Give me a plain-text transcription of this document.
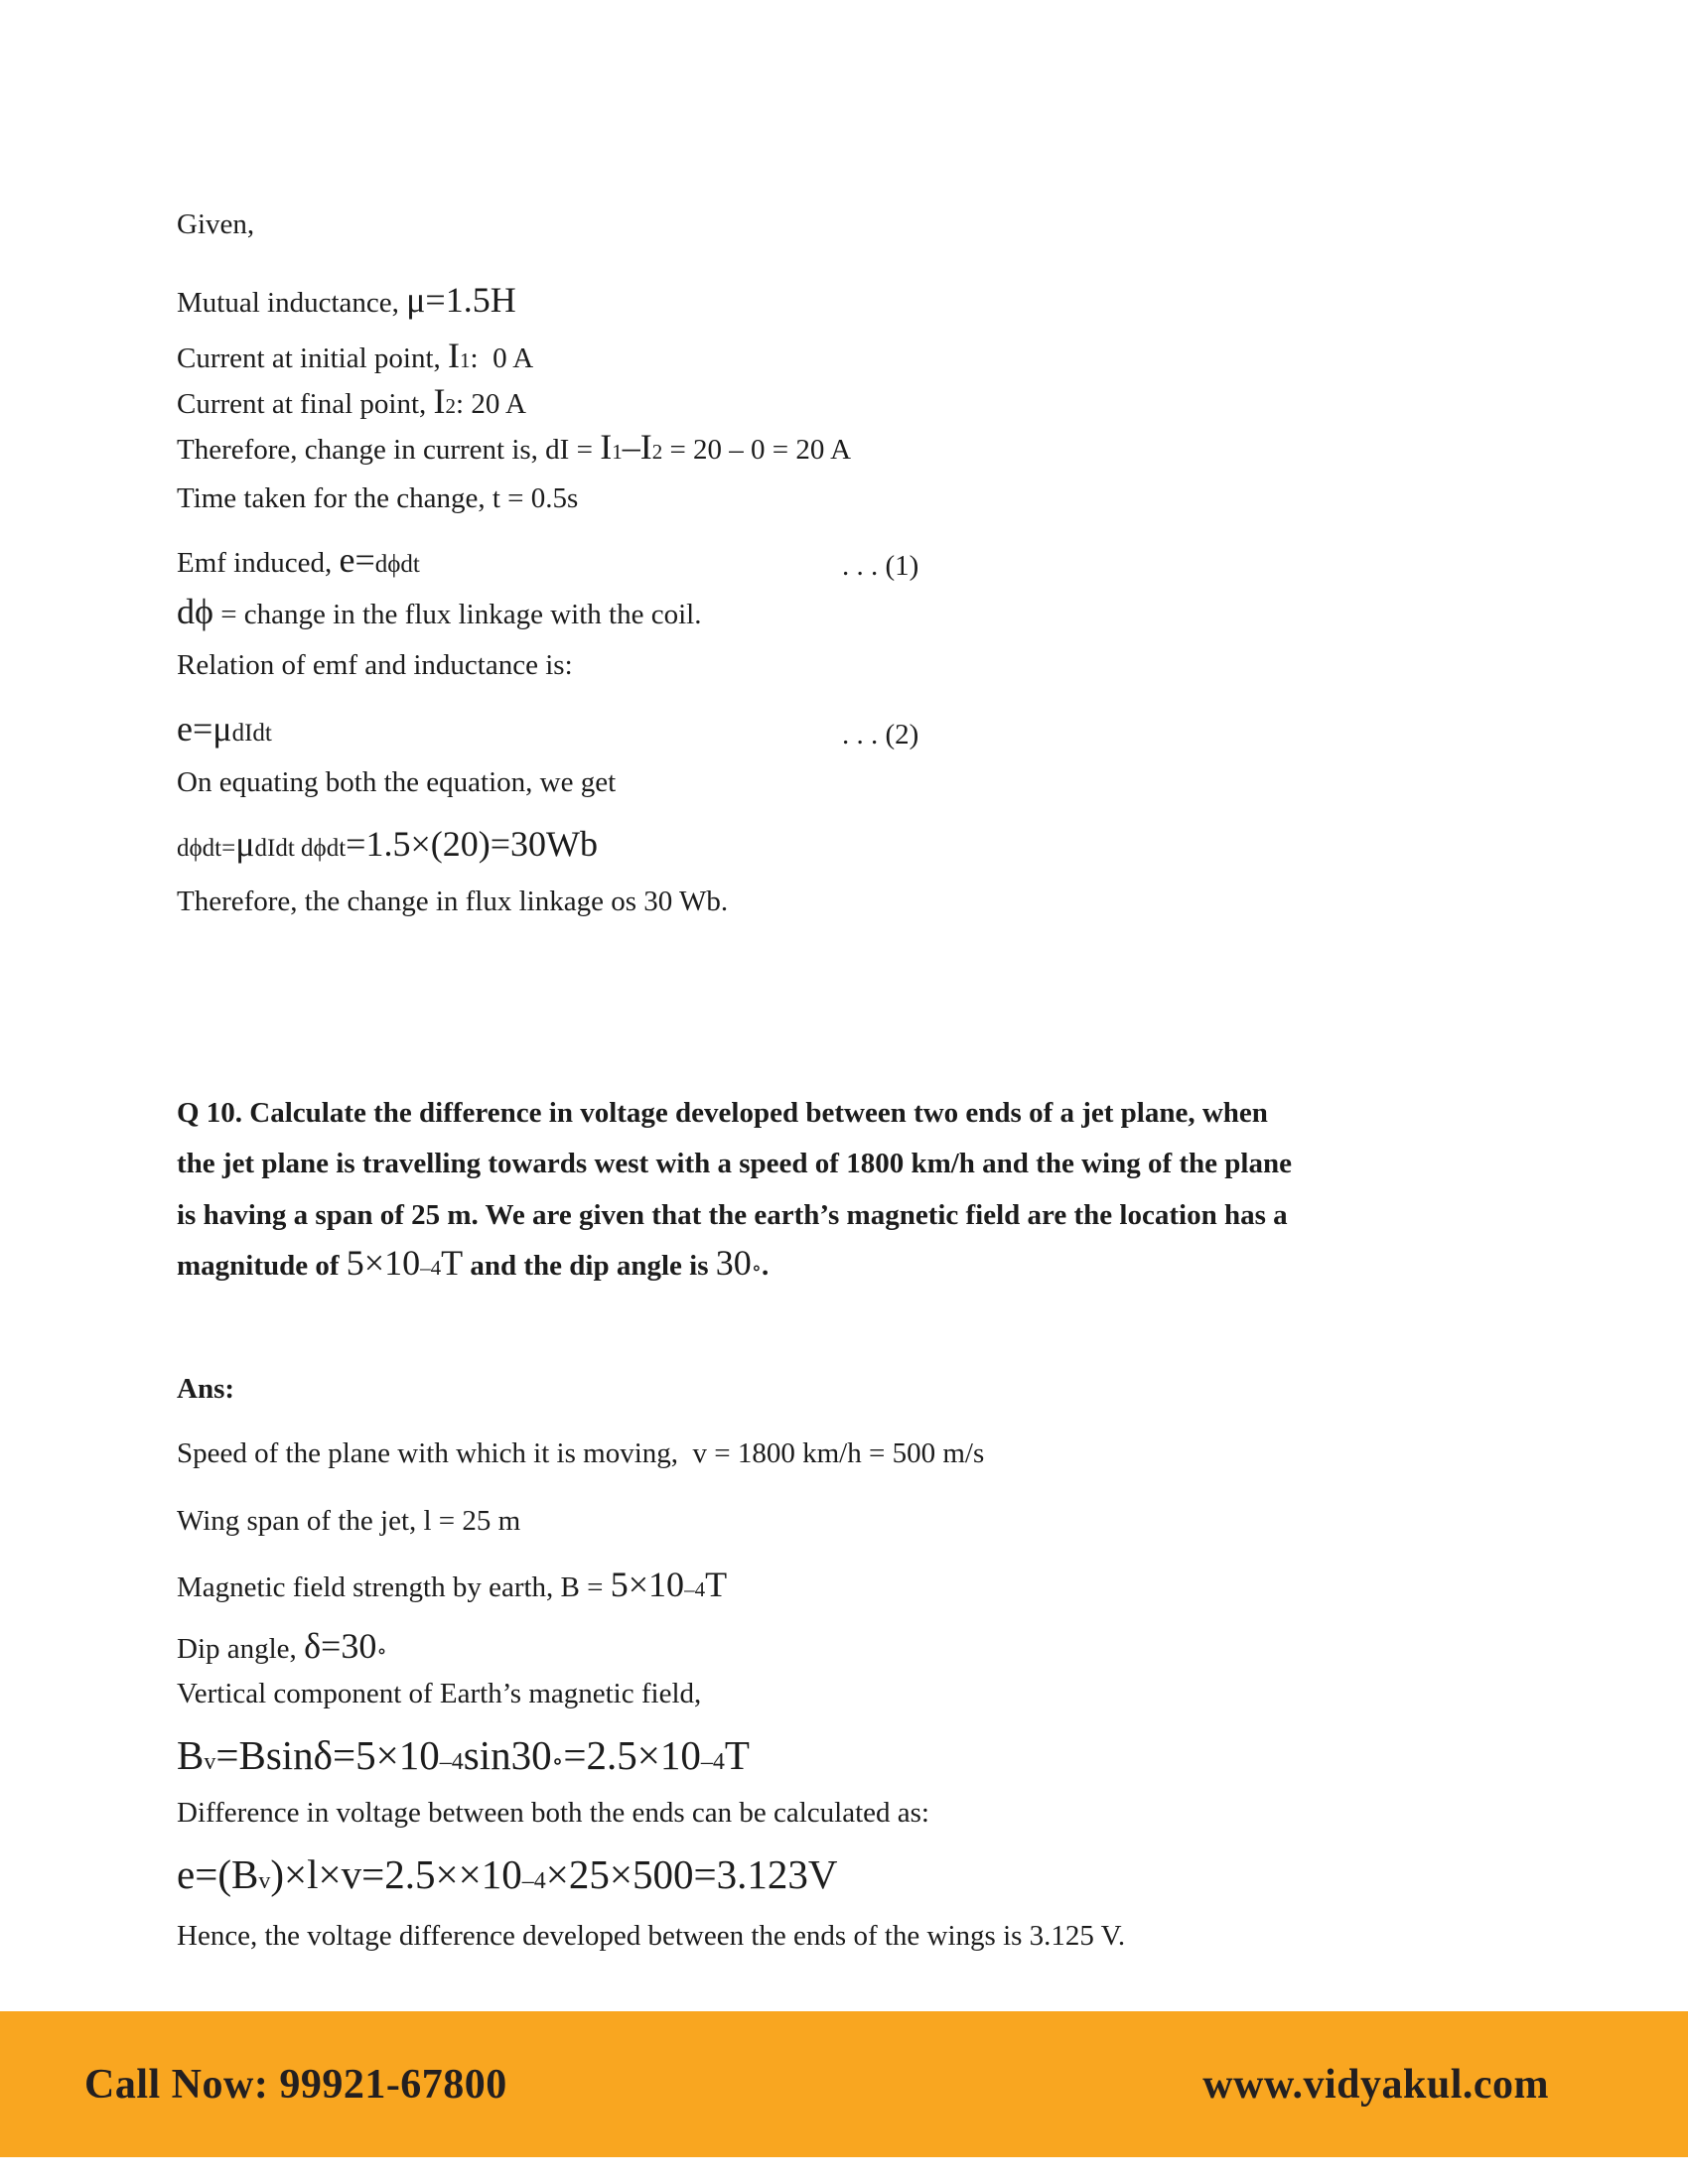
Given,
Mutual inductance, μ=1.5H
Current at initial point, I1:  0 A
Current at final point, I2: 20 A
Therefore, change in current is, dI = I1–I2 = 20 – 0 = 20 A
Time taken for the change, t = 0.5s
Emf induced, e=dϕdt	. . . (1)
dϕ = change in the flux linkage with the coil.
Relation of emf and inductance is:
e=μdIdt	. . . (2)
On equating both the equation, we get
dϕdt=μdIdt dϕdt=1.5×(20)=30Wb
Therefore, the change in flux linkage os 30 Wb.
Q 10. Calculate the difference in voltage developed between two ends of a jet plane, when
the jet plane is travelling towards west with a speed of 1800 km/h and the wing of the plane
is having a span of 25 m. We are given that the earth’s magnetic field are the location has a
magnitude of 5×10–4T and the dip angle is 30∘.
Ans:
Speed of the plane with which it is moving,  v = 1800 km/h = 500 m/s
Wing span of the jet, l = 25 m
Magnetic field strength by earth, B = 5×10–4T
Dip angle, δ=30∘
Vertical component of Earth’s magnetic field,
Bv=Bsinδ=5×10–4sin30∘=2.5×10–4T
Difference in voltage between both the ends can be calculated as:
e=(Bv)×l×v=2.5××10–4×25×500=3.123V
Hence, the voltage difference developed between the ends of the wings is 3.125 V.
Call Now: 99921-67800	www.vidyakul.com
